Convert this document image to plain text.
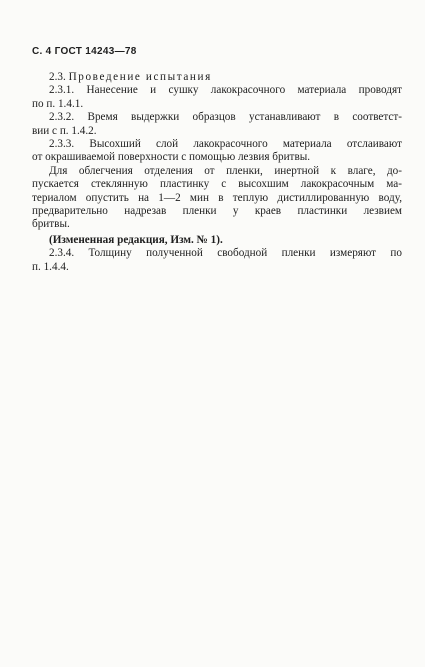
С. 4 ГОСТ 14243—78
2.3. Проведение испытания
2.3.1. Нанесение и сушку лакокрасочного материала проводят
по п. 1.4.1.
2.3.2. Время выдержки образцов устанавливают в соответст-
вии с п. 1.4.2.
2.3.3. Высохший слой лакокрасочного материала отслаивают
от окрашиваемой поверхности с помощью лезвия бритвы.
Для облегчения отделения от пленки, инертной к влаге, до-
пускается стеклянную пластинку с высохшим лакокрасочным ма-
териалом опустить на 1—2 мин в теплую дистиллированную воду,
предварительно надрезав пленки у краев пластинки лезвием
бритвы.
(Измененная редакция, Изм. № 1).
2.3.4. Толщину полученной свободной пленки измеряют по
п. 1.4.4.
